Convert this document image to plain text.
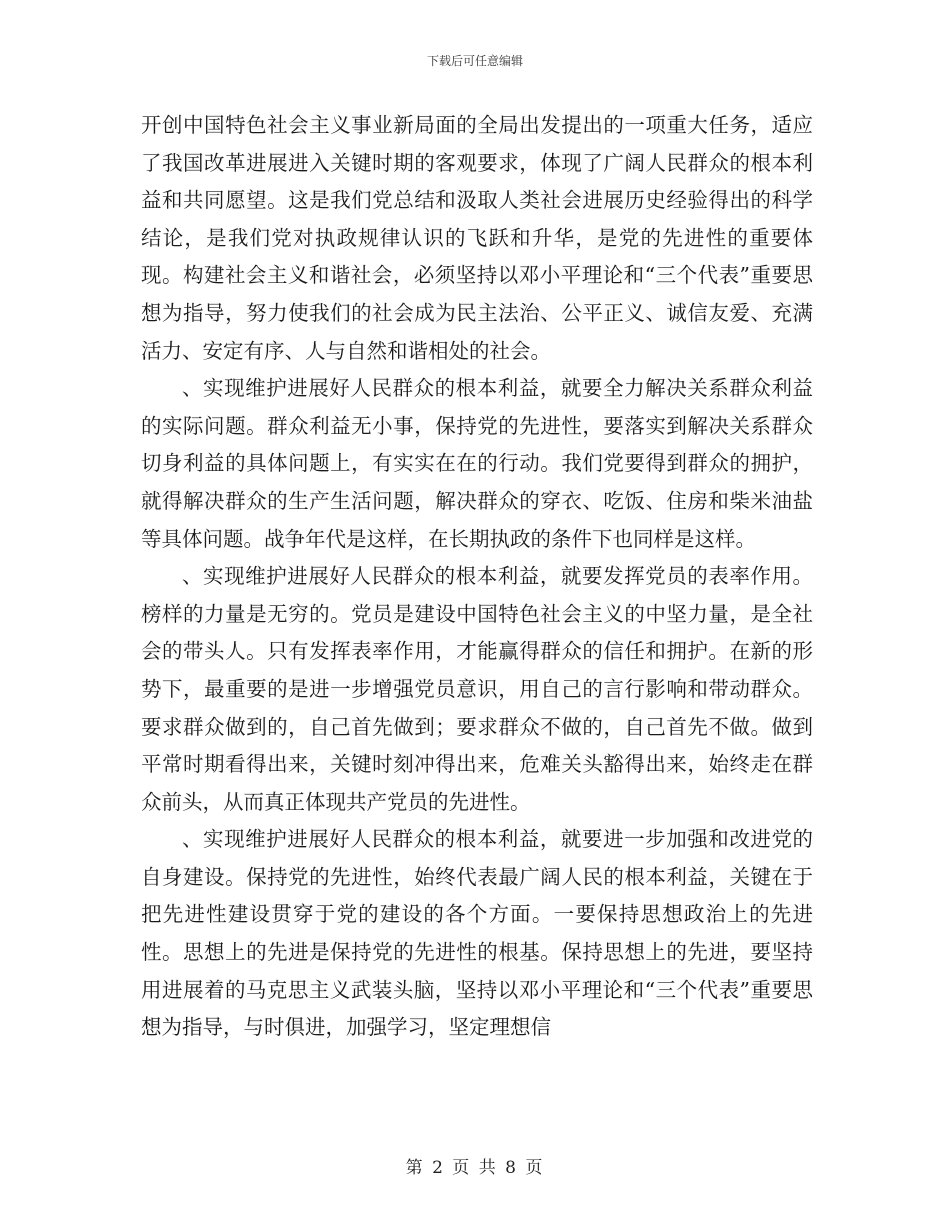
下载后可任意编辑

开创中国特色社会主义事业新局面的全局出发提出的一项重大任务，适应了我国改革进展进入关键时期的客观要求，体现了广阔人民群众的根本利益和共同愿望。这是我们党总结和汲取人类社会进展历史经验得出的科学结论，是我们党对执政规律认识的飞跃和升华，是党的先进性的重要体现。构建社会主义和谐社会，必须坚持以邓小平理论和“三个代表”重要思想为指导，努力使我们的社会成为民主法治、公平正义、诚信友爱、充满活力、安定有序、人与自然和谐相处的社会。

、实现维护进展好人民群众的根本利益，就要全力解决关系群众利益的实际问题。群众利益无小事，保持党的先进性，要落实到解决关系群众切身利益的具体问题上，有实实在在的行动。我们党要得到群众的拥护，就得解决群众的生产生活问题，解决群众的穿衣、吃饭、住房和柴米油盐等具体问题。战争年代是这样，在长期执政的条件下也同样是这样。

、实现维护进展好人民群众的根本利益，就要发挥党员的表率作用。榜样的力量是无穷的。党员是建设中国特色社会主义的中坚力量，是全社会的带头人。只有发挥表率作用，才能赢得群众的信任和拥护。在新的形势下，最重要的是进一步增强党员意识，用自己的言行影响和带动群众。要求群众做到的，自己首先做到；要求群众不做的，自己首先不做。做到平常时期看得出来，关键时刻冲得出来，危难关头豁得出来，始终走在群众前头，从而真正体现共产党员的先进性。

、实现维护进展好人民群众的根本利益，就要进一步加强和改进党的自身建设。保持党的先进性，始终代表最广阔人民的根本利益，关键在于把先进性建设贯穿于党的建设的各个方面。一要保持思想政治上的先进性。思想上的先进是保持党的先进性的根基。保持思想上的先进，要坚持用进展着的马克思主义武装头脑，坚持以邓小平理论和“三个代表”重要思想为指导，与时俱进，加强学习，坚定理想信

第 2 页 共 8 页
